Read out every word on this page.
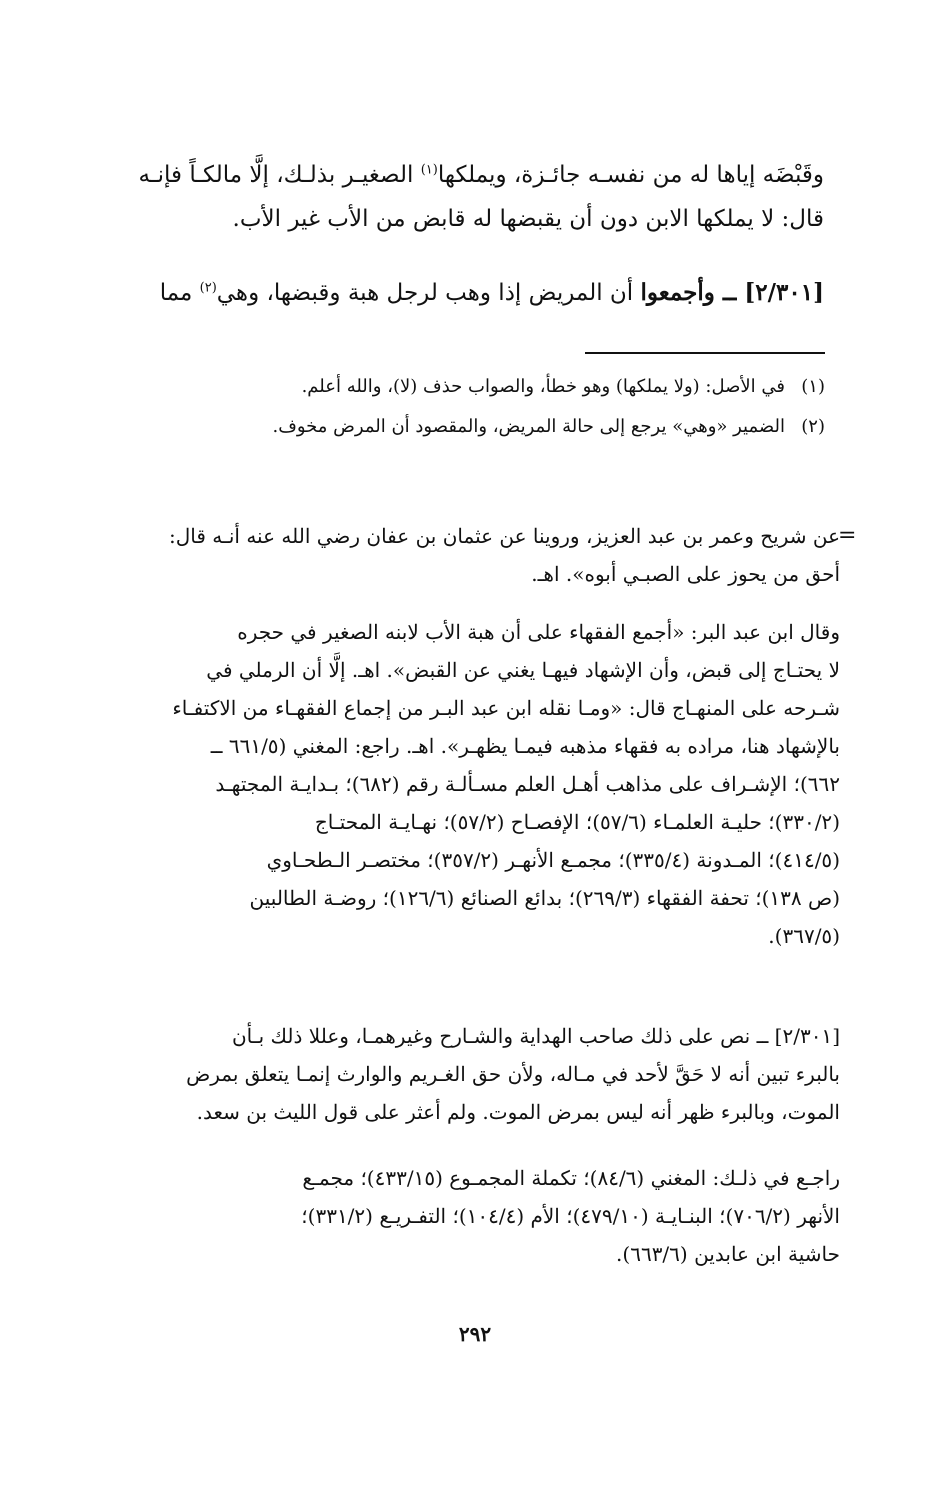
وقَبْضَه إياها له من نفسـه جائـزة، ويملكها$^{(١)}$ الصغيـر بذلـك، إلَّا مالكـاً فإنـه
قال: لا يملكها الابن دون أن يقبضها له قابض من الأب غير الأب.
[٢/٣٠١] ــ وأجمعوا أن المريض إذا وهب لرجل هبة وقبضها، وهي$^{(٢)}$ مما
(١)في الأصل: (ولا يملكها) وهو خطأ، والصواب حذف (لا)، والله أعلم.
(٢)الضمير «وهي» يرجع إلى حالة المريض، والمقصود أن المرض مخوف.
=
عن شريح وعمر بن عبد العزيز، وروينا عن عثمان بن عفان رضي الله عنه أنـه قال:
أحق من يحوز على الصبـي أبوه». اهـ.
وقال ابن عبد البر: «أجمع الفقهاء على أن هبة الأب لابنه الصغير في حجره
لا يحتـاج إلى قبض، وأن الإشهاد فيهـا يغني عن القبض». اهـ. إلَّا أن الرملي في
شـرحه على المنهـاج قال: «ومـا نقله ابن عبد البـر من إجماع الفقهـاء من الاكتفـاء
بالإشهاد هنا، مراده به فقهاء مذهبه فيمـا يظهـر». اهـ. راجع: المغني (٦٦١/٥ ــ
٦٦٢)؛ الإشـراف على مذاهب أهـل العلم مسـألـة رقم (٦٨٢)؛ بـدايـة المجتهـد
(٣٣٠/٢)؛ حليـة العلمـاء (٥٧/٦)؛ الإفصـاح (٥٧/٢)؛ نهـايـة المحتـاج
(٤١٤/٥)؛ المـدونة (٣٣٥/٤)؛ مجمـع الأنهـر (٣٥٧/٢)؛ مختصـر الـطحـاوي
(ص ١٣٨)؛ تحفة الفقهاء (٢٦٩/٣)؛ بدائع الصنائع (١٢٦/٦)؛ روضـة الطالبين
(٣٦٧/٥).
[٢/٣٠١] ــ نص على ذلك صاحب الهداية والشـارح وغيرهمـا، وعللا ذلك بـأن
بالبرء تبين أنه لا حَقَّ لأحد في مـاله، ولأن حق الغـريم والوارث إنمـا يتعلق بمرض
الموت، وبالبرء ظهر أنه ليس بمرض الموت. ولم أعثر على قول الليث بن سعد.
راجـع في ذلـك: المغني (٨٤/٦)؛ تكملة المجمـوع (٤٣٣/١٥)؛ مجمـع
الأنهر (٧٠٦/٢)؛ البنـايـة (٤٧٩/١٠)؛ الأم (١٠٤/٤)؛ التفـريـع (٣٣١/٢)؛
حاشية ابن عابدين (٦٦٣/٦).
٢٩٢
